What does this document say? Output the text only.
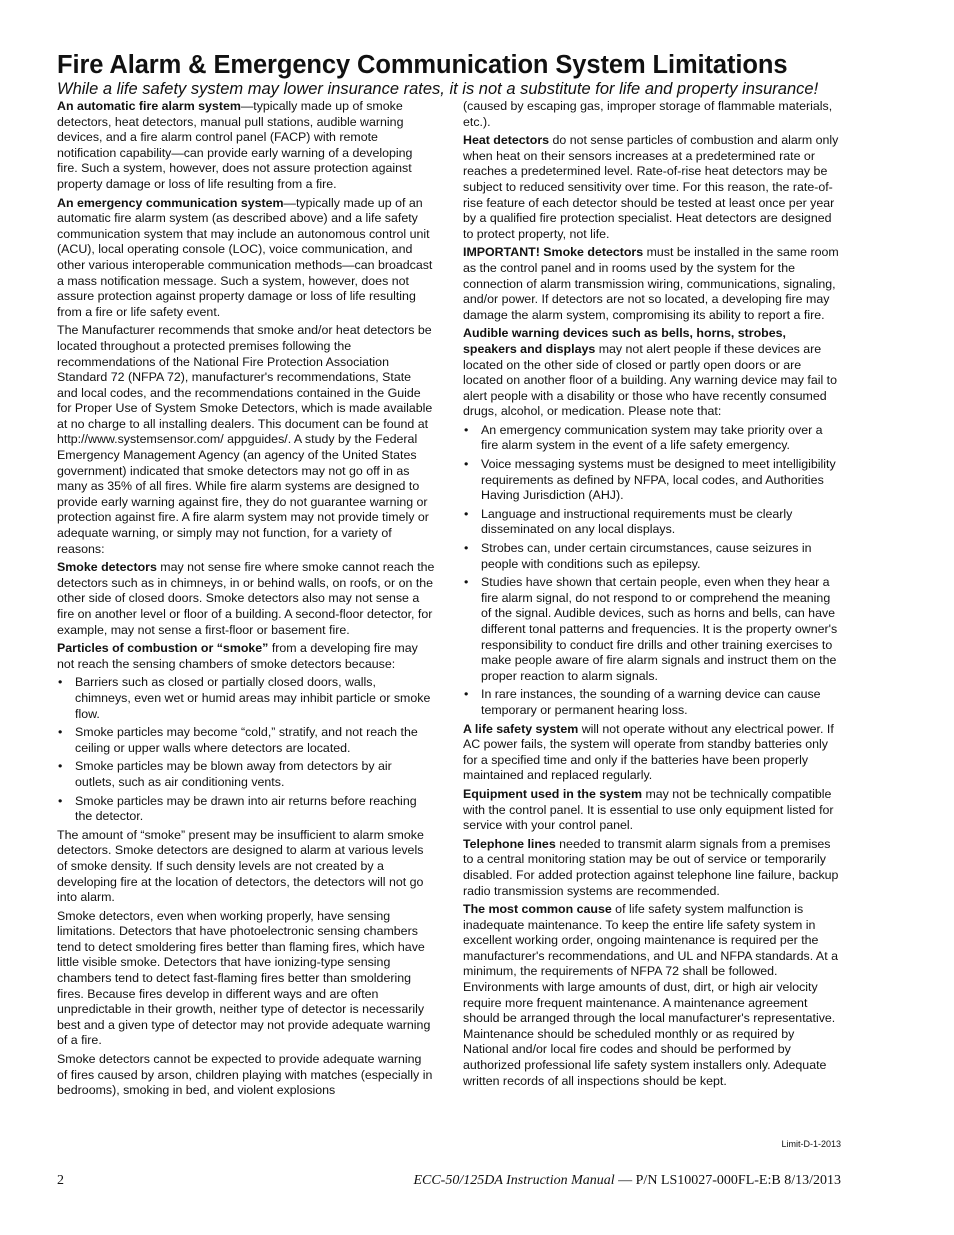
Fire Alarm & Emergency Communication System Limitations
While a life safety system may lower insurance rates, it is not a substitute for life and property insurance!

An automatic fire alarm system—typically made up of smoke detectors, heat detectors, manual pull stations, audible warning devices, and a fire alarm control panel (FACP) with remote notification capability—can provide early warning of a developing fire. Such a system, however, does not assure protection against property damage or loss of life resulting from a fire.

An emergency communication system—typically made up of an automatic fire alarm system (as described above) and a life safety communication system that may include an autonomous control unit (ACU), local operating console (LOC), voice communication, and other various interoperable communication methods—can broadcast a mass notification message. Such a system, however, does not assure protection against property damage or loss of life resulting from a fire or life safety event.

The Manufacturer recommends that smoke and/or heat detectors be located throughout a protected premises following the recommendations of the National Fire Protection Association Standard 72 (NFPA 72), manufacturer's recommendations, State and local codes, and the recommendations contained in the Guide for Proper Use of System Smoke Detectors, which is made available at no charge to all installing dealers. This document can be found at http://www.systemsensor.com/ appguides/. A study by the Federal Emergency Management Agency (an agency of the United States government) indicated that smoke detectors may not go off in as many as 35% of all fires. While fire alarm systems are designed to provide early warning against fire, they do not guarantee warning or protection against fire. A fire alarm system may not provide timely or adequate warning, or simply may not function, for a variety of reasons:

Smoke detectors may not sense fire where smoke cannot reach the detectors such as in chimneys, in or behind walls, on roofs, or on the other side of closed doors. Smoke detectors also may not sense a fire on another level or floor of a building. A second-floor detector, for example, may not sense a first-floor or basement fire.

Particles of combustion or “smoke” from a developing fire may not reach the sensing chambers of smoke detectors because:

• Barriers such as closed or partially closed doors, walls, chimneys, even wet or humid areas may inhibit particle or smoke flow.
• Smoke particles may become “cold,” stratify, and not reach the ceiling or upper walls where detectors are located.
• Smoke particles may be blown away from detectors by air outlets, such as air conditioning vents.
• Smoke particles may be drawn into air returns before reaching the detector.

The amount of “smoke” present may be insufficient to alarm smoke detectors. Smoke detectors are designed to alarm at various levels of smoke density. If such density levels are not created by a developing fire at the location of detectors, the detectors will not go into alarm.

Smoke detectors, even when working properly, have sensing limitations. Detectors that have photoelectronic sensing chambers tend to detect smoldering fires better than flaming fires, which have little visible smoke. Detectors that have ionizing-type sensing chambers tend to detect fast-flaming fires better than smoldering fires. Because fires develop in different ways and are often unpredictable in their growth, neither type of detector is necessarily best and a given type of detector may not provide adequate warning of a fire.

Smoke detectors cannot be expected to provide adequate warning of fires caused by arson, children playing with matches (especially in bedrooms), smoking in bed, and violent explosions

(caused by escaping gas, improper storage of flammable materials, etc.).

Heat detectors do not sense particles of combustion and alarm only when heat on their sensors increases at a predetermined rate or reaches a predetermined level. Rate-of-rise heat detectors may be subject to reduced sensitivity over time. For this reason, the rate-of-rise feature of each detector should be tested at least once per year by a qualified fire protection specialist. Heat detectors are designed to protect property, not life.

IMPORTANT! Smoke detectors must be installed in the same room as the control panel and in rooms used by the system for the connection of alarm transmission wiring, communications, signaling, and/or power. If detectors are not so located, a developing fire may damage the alarm system, compromising its ability to report a fire.

Audible warning devices such as bells, horns, strobes, speakers and displays may not alert people if these devices are located on the other side of closed or partly open doors or are located on another floor of a building. Any warning device may fail to alert people with a disability or those who have recently consumed drugs, alcohol, or medication. Please note that:

• An emergency communication system may take priority over a fire alarm system in the event of a life safety emergency.
• Voice messaging systems must be designed to meet intelligibility requirements as defined by NFPA, local codes, and Authorities Having Jurisdiction (AHJ).
• Language and instructional requirements must be clearly disseminated on any local displays.
• Strobes can, under certain circumstances, cause seizures in people with conditions such as epilepsy.
• Studies have shown that certain people, even when they hear a fire alarm signal, do not respond to or comprehend the meaning of the signal. Audible devices, such as horns and bells, can have different tonal patterns and frequencies. It is the property owner's responsibility to conduct fire drills and other training exercises to make people aware of fire alarm signals and instruct them on the proper reaction to alarm signals.
• In rare instances, the sounding of a warning device can cause temporary or permanent hearing loss.

A life safety system will not operate without any electrical power. If AC power fails, the system will operate from standby batteries only for a specified time and only if the batteries have been properly maintained and replaced regularly.

Equipment used in the system may not be technically compatible with the control panel. It is essential to use only equipment listed for service with your control panel.

Telephone lines needed to transmit alarm signals from a premises to a central monitoring station may be out of service or temporarily disabled. For added protection against telephone line failure, backup radio transmission systems are recommended.

The most common cause of life safety system malfunction is inadequate maintenance. To keep the entire life safety system in excellent working order, ongoing maintenance is required per the manufacturer's recommendations, and UL and NFPA standards. At a minimum, the requirements of NFPA 72 shall be followed. Environments with large amounts of dust, dirt, or high air velocity require more frequent maintenance. A maintenance agreement should be arranged through the local manufacturer's representative. Maintenance should be scheduled monthly or as required by National and/or local fire codes and should be performed by authorized professional life safety system installers only. Adequate written records of all inspections should be kept.

Limit-D-1-2013
2	ECC-50/125DA Instruction Manual — P/N LS10027-000FL-E:B 8/13/2013
